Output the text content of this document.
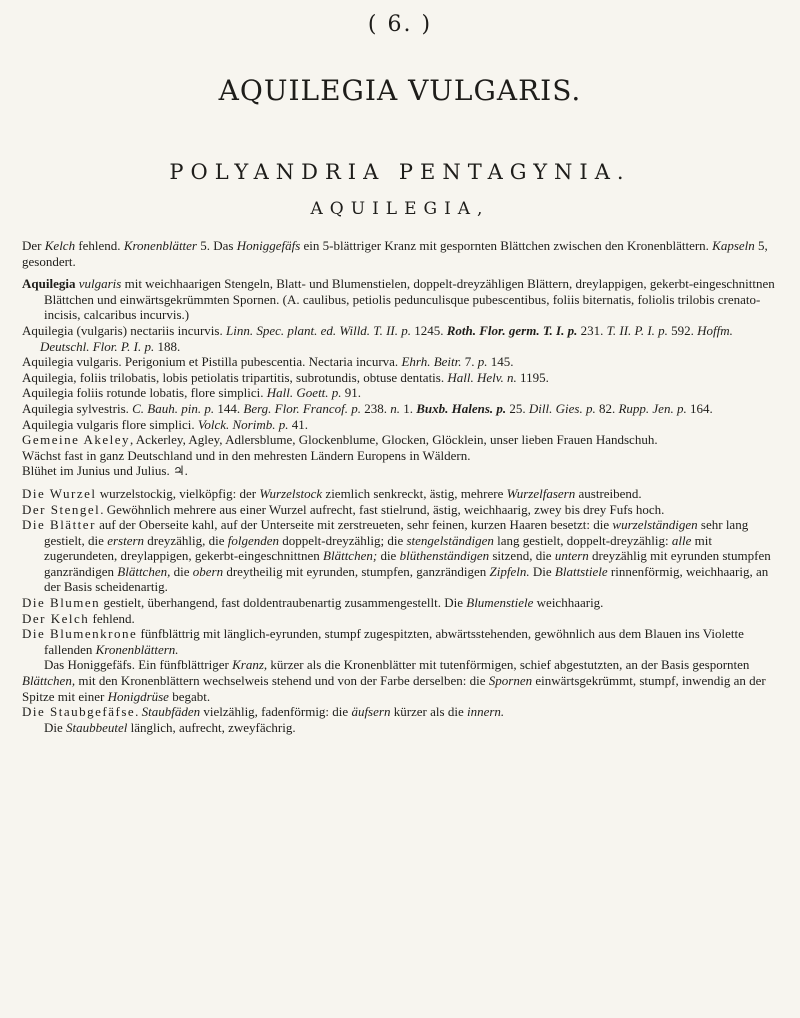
( 6. )
AQUILEGIA VULGARIS.
POLYANDRIA PENTAGYNIA.
AQUILEGIA,

Der Kelch fehlend. Kronenblätter 5. Das Honiggefäfs ein 5-blättriger Kranz mit gespornten Blättchen zwischen den Kronenblättern. Kapseln 5, gesondert.

Aquilegia vulgaris mit weichhaarigen Stengeln, Blatt- und Blumenstielen, doppelt-dreyzähligen Blättern, dreylappigen, gekerbt-eingeschnittnen Blättchen und einwärtsgekrümmten Spornen. (A. caulibus, petiolis pedunculisque pubescentibus, foliis biternatis, foliolis trilobis crenato-incisis, calcaribus incurvis.)

Aquilegia (vulgaris) nectariis incurvis. Linn. Spec. plant. ed. Willd. T. II. p. 1245. Roth. Flor. germ. T. I. p. 231. T. II. P. I. p. 592. Hoffm. Deutschl. Flor. P. I. p. 188.

Aquilegia vulgaris. Perigonium et Pistilla pubescentia. Nectaria incurva. Ehrh. Beitr. 7. p. 145.

Aquilegia, foliis trilobatis, lobis petiolatis tripartitis, subrotundis, obtuse dentatis. Hall. Helv. n. 1195.

Aquilegia foliis rotunde lobatis, flore simplici. Hall. Goett. p. 91.

Aquilegia sylvestris. C. Bauh. pin. p. 144. Berg. Flor. Francof. p. 238. n. 1. Buxb. Halens. p. 25. Dill. Gies. p. 82. Rupp. Jen. p. 164.

Aquilegia vulgaris flore simplici. Volck. Norimb. p. 41.

Gemeine Akeley, Ackerley, Agley, Adlersblume, Glockenblume, Glocken, Glöcklein, unser lieben Frauen Handschuh.

Wächst fast in ganz Deutschland und in den mehresten Ländern Europens in Wäldern.

Blühet im Junius und Julius. ♃.

Die Wurzel wurzelstockig, vielköpfig: der Wurzelstock ziemlich senkreckt, ästig, mehrere Wurzelfasern austreibend.

Der Stengel. Gewöhnlich mehrere aus einer Wurzel aufrecht, fast stielrund, ästig, weichhaarig, zwey bis drey Fufs hoch.

Die Blätter auf der Oberseite kahl, auf der Unterseite mit zerstreueten, sehr feinen, kurzen Haaren besetzt: die wurzelständigen sehr lang gestielt, die erstern dreyzählig, die folgenden doppelt-dreyzählig; die stengelständigen lang gestielt, doppelt-dreyzählig: alle mit zugerundeten, dreylappigen, gekerbt-eingeschnittnen Blättchen; die blüthenständigen sitzend, die untern dreyzählig mit eyrunden stumpfen ganzrändigen Blättchen, die obern dreytheilig mit eyrunden, stumpfen, ganzrändigen Zipfeln. Die Blattstiele rinnenförmig, weichhaarig, an der Basis scheidenartig.

Die Blumen gestielt, überhangend, fast doldentraubenartig zusammengestellt. Die Blumenstiele weichhaarig.

Der Kelch fehlend.

Die Blumenkrone fünfblättrig mit länglich-eyrunden, stumpf zugespitzten, abwärtsstehenden, gewöhnlich aus dem Blauen ins Violette fallenden Kronenblättern.

Das Honiggefäfs. Ein fünfblättriger Kranz, kürzer als die Kronenblätter mit tutenförmigen, schief abgestutzten, an der Basis gespornten Blättchen, mit den Kronenblättern wechselweis stehend und von der Farbe derselben: die Spornen einwärtsgekrümmt, stumpf, inwendig an der Spitze mit einer Honigdrüse begabt.

Die Staubgefäfse. Staubfäden vielzählig, fadenförmig: die äufsern kürzer als die innern.

Die Staubbeutel länglich, aufrecht, zweyfächrig.
